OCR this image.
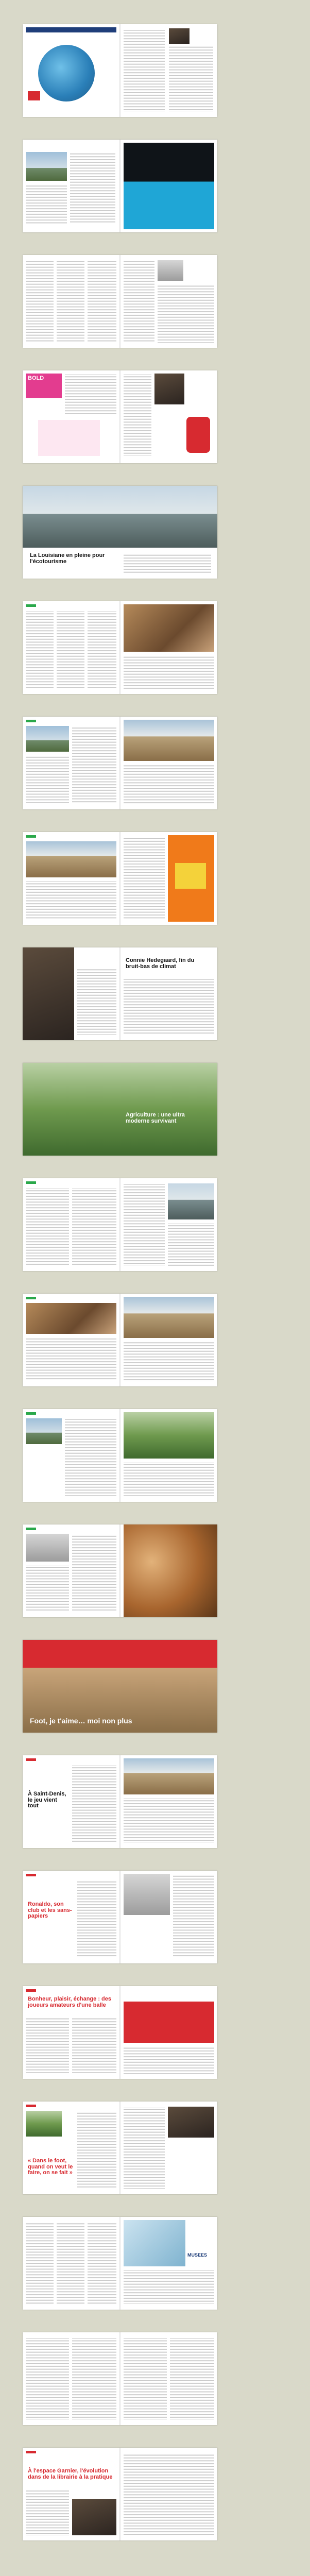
BOLD
La Louisiane en pleine pour l'écotourisme
Connie Hedegaard, fin du bruit-bas de climat
Agriculture : une ultra moderne survivant
Foot, je t'aime… moi non plus
À Saint-Denis, le jeu vient tout
Ronaldo, son club et les sans-papiers
Bonheur, plaisir, échange : des joueurs amateurs d'une balle
« Dans le foot, quand on veut le faire, on se fait »
MUSEES
À l'espace Garnier, l'évolution dans de la librairie à la pratique
